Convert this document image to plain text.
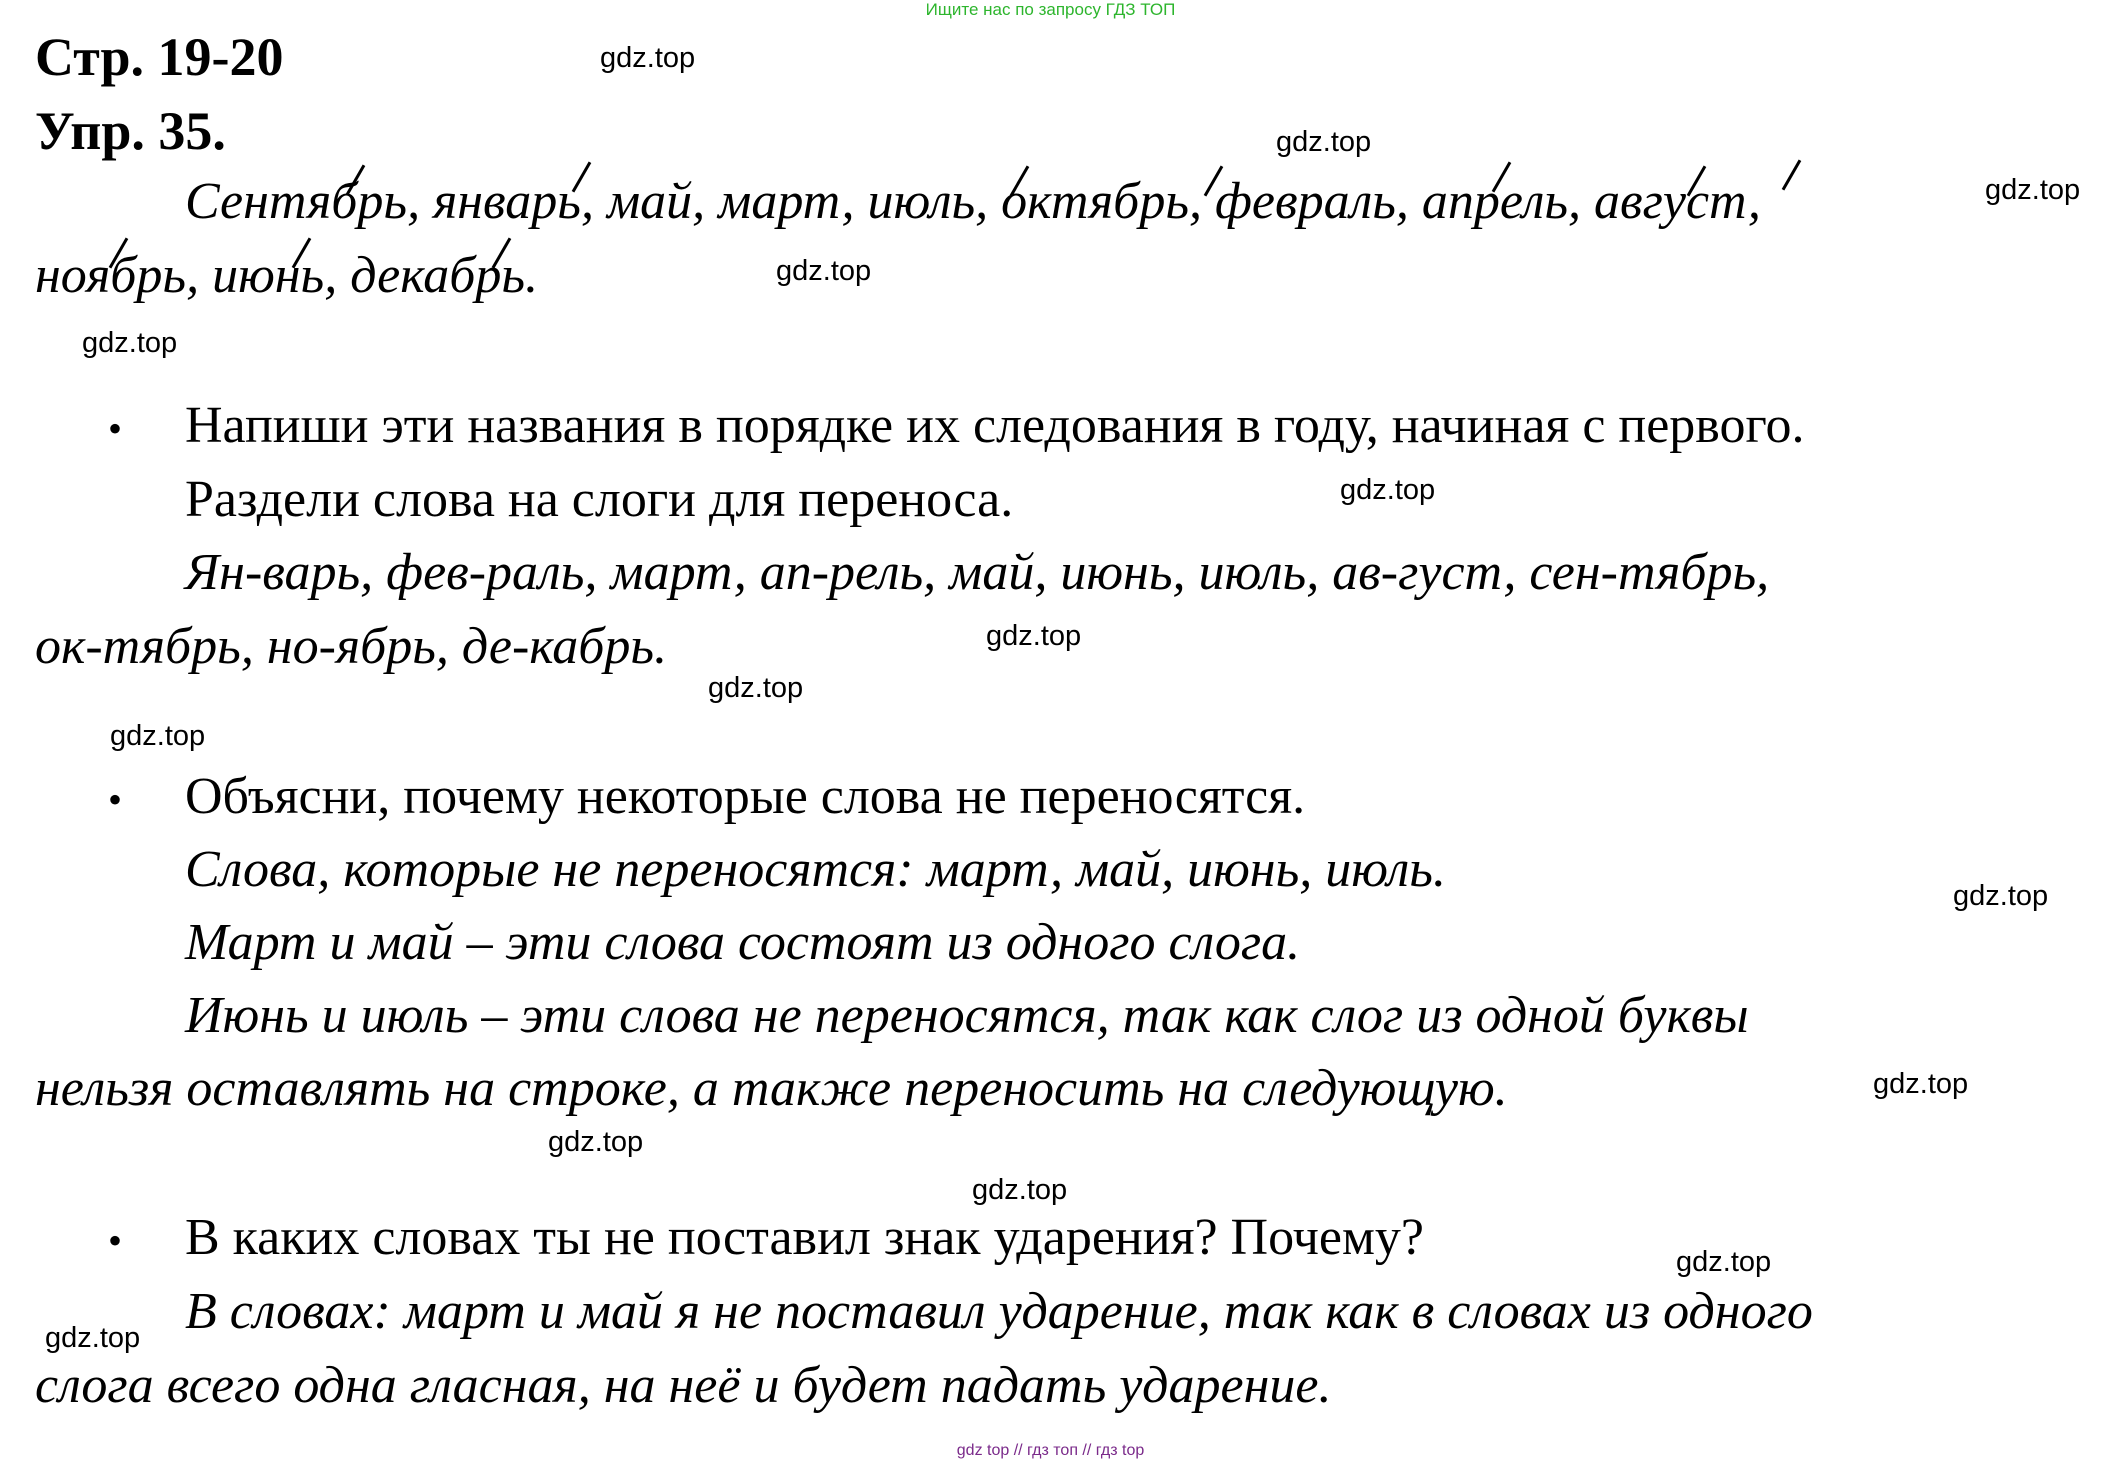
Ищите нас по запросу ГДЗ ТОП
Стр. 19-20
Упр. 35.
Сентябрь, январь, май, март, июль, октябрь, февраль, апрель, август,
ноябрь, июнь, декабрь.
• Напиши эти названия в порядке их следования в году, начиная с первого.
Раздели слова на слоги для переноса.
Ян-варь, фев-раль, март, ап-рель, май, июнь, июль, ав-густ, сен-тябрь,
ок-тябрь, но-ябрь, де-кабрь.
• Объясни, почему некоторые слова не переносятся.
Слова, которые не переносятся: март, май, июнь, июль.
Март и май – эти слова состоят из одного слога.
Июнь и июль – эти слова не переносятся, так как слог из одной буквы
нельзя оставлять на строке, а также переносить на следующую.
• В каких словах ты не поставил знак ударения? Почему?
В словах: март и май я не поставил ударение, так как в словах из одного
слога всего одна гласная, на неё и будет падать ударение.
gdz.top
gdz.top
gdz.top
gdz.top
gdz.top
gdz.top
gdz.top
gdz.top
gdz.top
gdz.top
gdz.top
gdz.top
gdz.top
gdz.top
gdz.top
gdz top // гдз топ // гдз top
